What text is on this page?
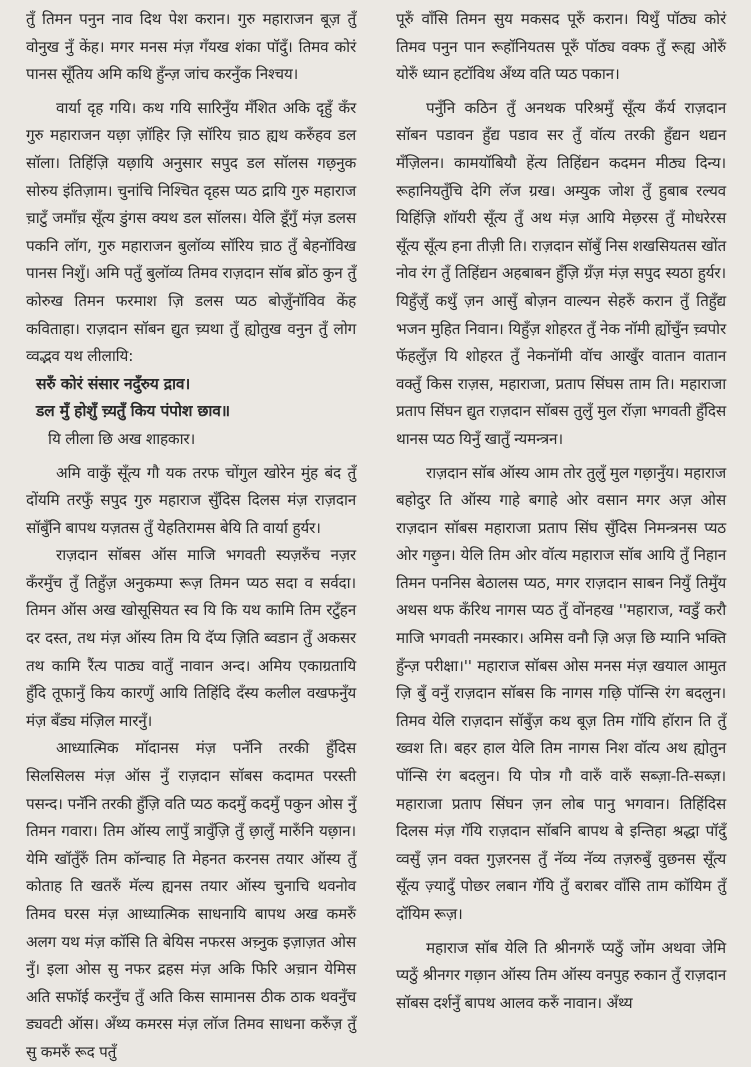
तुँ तिमन पनुन नाव दिथ पेश करान। गुरु महाराजन बूज़ तुँ वोनुख नुँ केंह। मगर मनस मंज़ गँयख शंका पॉदुँ। तिमव कोरं पानस सूँतिय अमि कथि हुँन्ज़ जांच करनुँक निश्चय।

वार्या दृह गयि। कथ गयि सारिनुँय मँशित अकि दृहुँ कँर गुरु महाराजन यछ़ा ज़ॉहिर ज़ि सॉरिय च़ाठ ह्यथ करुँहव डल सॉला। तिहिंज़ि यछ़ायि अनुसार सपुद डल सॉलस गछ़नुक सोरुय इंतिज़ाम। चुनांचि निश्चित दृहस प्यठ द्रायि गुरु महाराज च़ाटुँ जमाँच़ सूँत्य डुंगस क्यथ डल सॉलस। येलि डूँगुँ मंज़ डलस पकनि लॉग, गुरु महाराजन बुलॉव्य सॉरिय च़ाठ तुँ बेहनॉविख पानस निशुँ। अमि पतुँ बुलॉव्य तिमव राज़दान सॉब ब्रोंठ कुन तुँ कोरुख तिमन फरमाश ज़ि डलस प्यठ बोज़ुँनॉविव केंह कविताहा। राज़दान सॉबन द्युत च़्यथा तुँ ह्योतुख वनुन तुँ लोग व्वद्भव यथ लीलायि:

सरुँ कोरं संसार नदुँरुय द्राव।
डल मुँ होशुँ च़्यतुँ किय पंपोश छाव॥

यि लीला छि अख शाहकार।

अमि वाकुँ सूँत्य गौ यक तरफ चोंगुल खोरेन मुंह बंद तुँ दोंयमि तरफुँ सपुद गुरु महाराज सुँदिस दिलस मंज़ राज़दान सॉबुँनि बापथ यज़तस तुँ येहतिरामस बेयि ति वार्या हुर्यर।

राज़दान सॉबस ऑस माजि भगवती स्यज़रुँच नज़र कँरमुँच तुँ तिहुँज़ अनुकम्पा रूज़ तिमन प्यठ सदा व सर्वदा। तिमन ऑस अख खोसूसियत स्व यि कि यथ कामि तिम रटुँहन दर दस्त, तथ मंज़ ऑस्य तिम यि दॅप्य ज़िति ब्वडान तुँ अकसर तथ कामि रैंत्य पाठ्य वातुँ नावान अन्द। अमिय एकाग्रतायि हुँदि तूफानुँ किय कारणुँ आयि तिहिंदि दँस्य कलील वखफनुँय मंज़ बँड्य मंज़िल मारनुँ।

आध्यात्मिक मॉदानस मंज़ पनॅनि तरकी हुँदिस सिलसिलस मंज़ ऑस नुँ राज़दान सॉबस कदामत परस्ती पसन्द। पनॅनि तरकी हुँज़ि वति प्यठ कदमुँ कदमुँ पकुन ओस नुँ तिमन गवारा। तिम ऑस्य लापुँ त्रावुँज़ि तुँ छ़ालुँ मारुँनि यछ़ान। येमि खॉतुँरुँ तिम कॉन्चाह ति मेहनत करनस तयार ऑस्य तुँ कोताह ति खतरुँ मॅल्य ह्यनस तयार ऑस्य चुनाचि थवनोव तिमव घरस मंज़ आध्यात्मिक साधनायि बापथ अख कमरुँ अलग यथ मंज़ कॉसि ति बेयिस नफरस अच़्नुक इज़ाज़त ओस नुँ। इला ओस सु नफर द्रहस मंज़ अकि फिरि अच़ान येमिस अति सफॉई करनुँच तुँ अति किस सामानस ठीक ठाक थवनुँच ड्यवटी ऑस। अँथ्य कमरस मंज़ लॉज तिमव साधना करुँज़ तुँ सु कमरुँ रूद पतुँ

पूरुँ वाँसि तिमन सुय मकसद पूरुँ करान। यिथुँ पॉठ्य कोरं तिमव पनुन पान रूहॉनियतस पूरुँ पॉठ्य वक्फ तुँ रूह्य ओरुँ योरुँ ध्यान हटॉविथ अँथ्य वति प्यठ पकान।

पनुँनि कठिन तुँ अनथक परिश्रमुँ सूँत्य कँर्य राज़दान सॉबन पडावन हुँद्य पडाव सर तुँ वॉत्य तरकी हुँद्यन थद्यन मँज़िलन। कामयॉबियौ हेंत्य तिहिंद्यन कदमन मीठ्य दिन्य। रूहानियतुँचि देगि लॅज ग्रख। अम्युक जोश तुँ हुबाब रल्यव यिहिंज़ि शॉयरी सूँत्य तुँ अथ मंज़ आयि मेछ़रस तुँ मोधरेरस सूँत्य सूँत्य हना तीज़ी ति। राज़दान सॉबुँ निस शखसियतस खोंत नोव रंग तुँ तिहिंद्यन अहबाबन हुँज़ि ग्रँज़ मंज़ सपुद स्यठा हुर्यर। यिहुँज़ुँ कथुँ ज़न आसुँ बोज़न वाल्यन सेहरुँ करान तुँ तिहुँद्य भजन मुहित निवान। यिहुँज़ शोहरत तुँ नेक नॉमी ह्योंचुँन च़्वपोर फॅहलुँज़ यि शोहरत तुँ नेकनॉमी वॉच आखुँर वातान वातान वक्तुँ किस राज़स, महाराजा, प्रताप सिंघस ताम ति। महाराजा प्रताप सिंघन द्युत राज़दान सॉबस तुलुँ मुल रॉज़ा भगवती हुँदिस थानस प्यठ यिनुँ खातुँ न्यमन्त्रन।

राज़दान सॉब ऑस्य आम तोर तुलुँ मुल गछ़ानुँय। महाराज बहोदुर ति ऑस्य गाहे बगाहे ओर वसान मगर अज़ ओस राज़दान सॉबस महाराजा प्रताप सिंघ सुँदिस निमन्त्रनस प्यठ ओर गछ़ुन। येलि तिम ओर वॉत्य महाराज सॉब आयि तुँ निहान तिमन पननिस बेठालस प्यठ, मगर राज़दान साबन नियुँ तिमुँय अथस थफ कँरिथ नागस प्यठ तुँ वोंनहख ''महाराज, ग्वडुँ करौ माजि भगवती नमस्कार। अमिस वनौ ज़ि अज़ छि म्यानि भक्ति हुँन्ज़ परीक्षा।'' महाराज सॉबस ओस मनस मंज़ खयाल आमुत ज़ि बुँ वनुँ राज़दान सॉबस कि नागस गछ़ि पॉन्सि रंग बदलुन। तिमव येलि राज़दान सॉबुँज़ कथ बूज़ तिम गॉयि हॉरान ति तुँ ख्वश ति। बहर हाल येलि तिम नागस निश वॉत्य अथ ह्योतुन पॉन्सि रंग बदलुन। यि पोत्र गौ वारुँ वारुँ सब्ज़ा-ति-सब्ज़। महाराजा प्रताप सिंघन ज़न लोब पानु भगवान। तिहिंदिस दिलस मंज़ गॅयि राज़दान सॉबनि बापथ बे इन्तिहा श्रद्धा पॉदुँ व्वसुँ ज़न वक्त गुज़रनस तुँ नॅव्य नॅव्य तज़रुबुँ वुछनस सूँत्य सूँत्य ज़्यादुँ पोछर लबान गॅयि तुँ बराबर वाँसि ताम कॉयिम तुँ दॉयिम रूज़।

महाराज सॉब येलि ति श्रीनगरुँ प्यठुँ जोंम अथवा जेमि प्यठुँ श्रीनगर गछ़ान ऑस्य तिम ऑस्य वनपुह रुकान तुँ राज़दान सॉबस दर्शनुँ बापथ आलव करुँ नावान। अँथ्य
